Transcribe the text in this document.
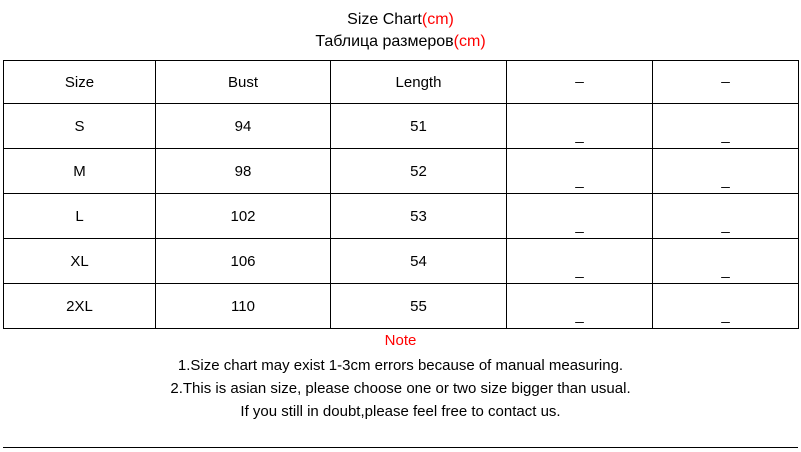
Size Chart(cm)
Таблица размеров(cm)
Size	Bust	Length	_	_
S	94	51	_	_
M	98	52	_	_
L	102	53	_	_
XL	106	54	_	_
2XL	110	55	_	_
Note
1.Size chart may exist 1-3cm errors because of manual measuring.
2.This is asian size, please choose one or two size bigger than usual.
If you still in doubt,please feel free to contact us.
